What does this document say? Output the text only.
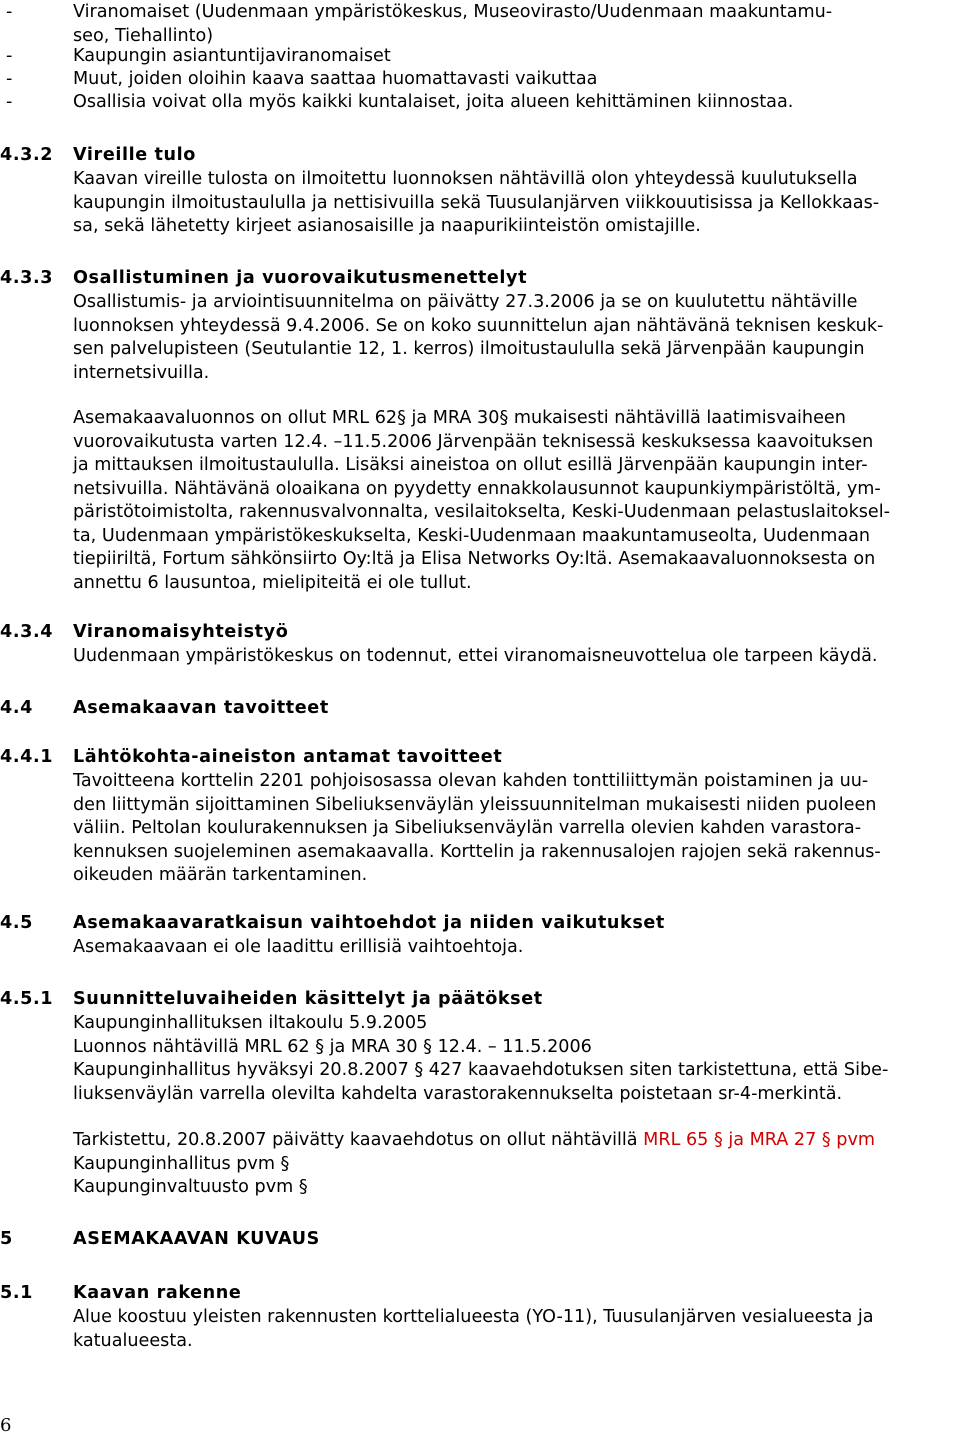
-	Viranomaiset (Uudenmaan ympäristökeskus, Museovirasto/Uudenmaan maakuntamu-
seo, Tiehallinto)
-	Kaupungin asiantuntijaviranomaiset
-	Muut, joiden oloihin kaava saattaa huomattavasti vaikuttaa
-	Osallisia voivat olla myös kaikki kuntalaiset, joita alueen kehittäminen kiinnostaa.
4.3.2 Vireille tulo
Kaavan vireille tulosta on ilmoitettu luonnoksen nähtävillä olon yhteydessä kuulutuksella
kaupungin ilmoitustaululla ja nettisivuilla sekä Tuusulanjärven viikkouutisissa ja Kellokkaas-
sa, sekä lähetetty kirjeet asianosaisille ja naapurikiinteistön omistajille.
4.3.3 Osallistuminen ja vuorovaikutusmenettelyt
Osallistumis- ja arviointisuunnitelma on päivätty 27.3.2006 ja se on kuulutettu nähtäville
luonnoksen yhteydessä 9.4.2006. Se on koko suunnittelun ajan nähtävänä teknisen keskuk-
sen palvelupisteen (Seutulantie 12, 1. kerros) ilmoitustaululla sekä Järvenpään kaupungin
internetsivuilla.
Asemakaavaluonnos on ollut MRL 62§ ja MRA 30§ mukaisesti nähtävillä laatimisvaiheen
vuorovaikutusta varten 12.4. –11.5.2006 Järvenpään teknisessä keskuksessa kaavoituksen
ja mittauksen ilmoitustaululla. Lisäksi aineistoa on ollut esillä Järvenpään kaupungin inter-
netsivuilla. Nähtävänä oloaikana on pyydetty ennakkolausunnot kaupunkiympäristöltä, ym-
päristötoimistolta, rakennusvalvonnalta, vesilaitokselta, Keski-Uudenmaan pelastuslaitoksel-
ta, Uudenmaan ympäristökeskukselta, Keski-Uudenmaan maakuntamuseolta, Uudenmaan
tiepiiriltä, Fortum sähkönsiirto Oy:ltä ja Elisa Networks Oy:ltä. Asemakaavaluonnoksesta on
annettu 6 lausuntoa, mielipiteitä ei ole tullut.
4.3.4 Viranomaisyhteistyö
Uudenmaan ympäristökeskus on todennut, ettei viranomaisneuvottelua ole tarpeen käydä.
4.4 Asemakaavan tavoitteet
4.4.1 Lähtökohta-aineiston antamat tavoitteet
Tavoitteena korttelin 2201 pohjoisosassa olevan kahden tonttiliittymän poistaminen ja uu-
den liittymän sijoittaminen Sibeliuksenväylän yleissuunnitelman mukaisesti niiden puoleen
väliin. Peltolan koulurakennuksen ja Sibeliuksenväylän varrella olevien kahden varastora-
kennuksen suojeleminen asemakaavalla. Korttelin ja rakennusalojen rajojen sekä rakennus-
oikeuden määrän tarkentaminen.
4.5 Asemakaavaratkaisun vaihtoehdot ja niiden vaikutukset
Asemakaavaan ei ole laadittu erillisiä vaihtoehtoja.
4.5.1 Suunnitteluvaiheiden käsittelyt ja päätökset
Kaupunginhallituksen iltakoulu 5.9.2005
Luonnos nähtävillä MRL 62 § ja MRA 30 § 12.4. – 11.5.2006
Kaupunginhallitus hyväksyi 20.8.2007 § 427 kaavaehdotuksen siten tarkistettuna, että Sibe-
liuksenväylän varrella olevilta kahdelta varastorakennukselta poistetaan sr-4-merkintä.
Tarkistettu, 20.8.2007 päivätty kaavaehdotus on ollut nähtävillä MRL 65 § ja MRA 27 § pvm
Kaupunginhallitus pvm §
Kaupunginvaltuusto pvm §
5	ASEMAKAAVAN KUVAUS
5.1 Kaavan rakenne
Alue koostuu yleisten rakennusten korttelialueesta (YO-11), Tuusulanjärven vesialueesta ja
katualueesta.
6
